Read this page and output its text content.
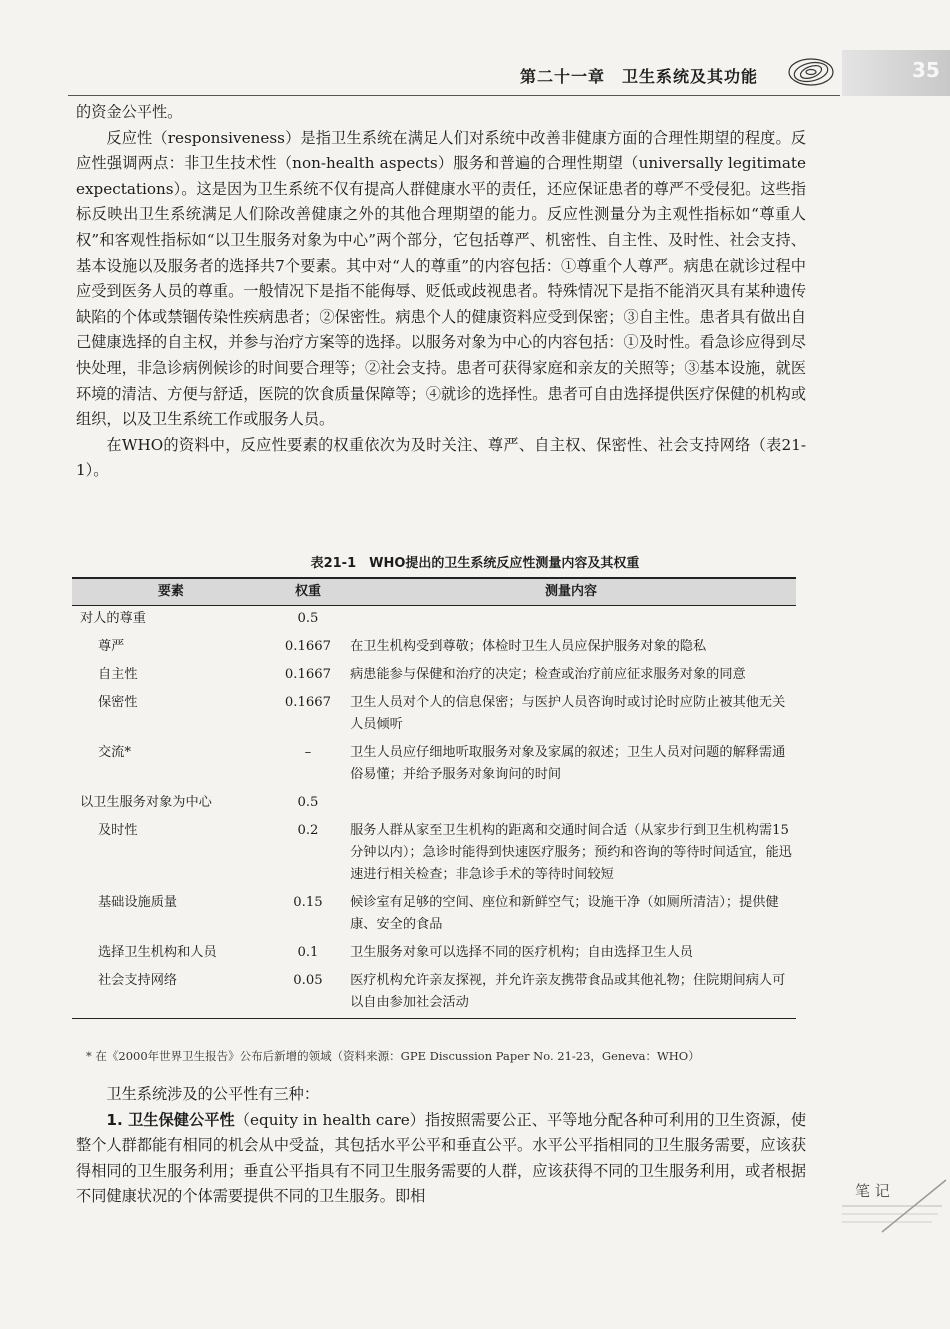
第二十一章　卫生系统及其功能	35

的资金公平性。

反应性（responsiveness）是指卫生系统在满足人们对系统中改善非健康方面的合理性期望的程度。反应性强调两点：非卫生技术性（non-health aspects）服务和普遍的合理性期望（universally legitimate expectations）。这是因为卫生系统不仅有提高人群健康水平的责任，还应保证患者的尊严不受侵犯。这些指标反映出卫生系统满足人们除改善健康之外的其他合理期望的能力。反应性测量分为主观性指标如“尊重人权”和客观性指标如“以卫生服务对象为中心”两个部分，它包括尊严、机密性、自主性、及时性、社会支持、基本设施以及服务者的选择共7个要素。其中对“人的尊重”的内容包括：①尊重个人尊严。病患在就诊过程中应受到医务人员的尊重。一般情况下是指不能侮辱、贬低或歧视患者。特殊情况下是指不能消灭具有某种遗传缺陷的个体或禁锢传染性疾病患者；②保密性。病患个人的健康资料应受到保密；③自主性。患者具有做出自己健康选择的自主权，并参与治疗方案等的选择。以服务对象为中心的内容包括：①及时性。看急诊应得到尽快处理，非急诊病例候诊的时间要合理等；②社会支持。患者可获得家庭和亲友的关照等；③基本设施，就医环境的清洁、方便与舒适，医院的饮食质量保障等；④就诊的选择性。患者可自由选择提供医疗保健的机构或组织，以及卫生系统工作或服务人员。

在WHO的资料中，反应性要素的权重依次为及时关注、尊严、自主权、保密性、社会支持网络（表21-1）。

表21-1　WHO提出的卫生系统反应性测量内容及其权重
要素	权重	测量内容
对人的尊重	0.5	
尊严	0.1667	在卫生机构受到尊敬；体检时卫生人员应保护服务对象的隐私
自主性	0.1667	病患能参与保健和治疗的决定；检查或治疗前应征求服务对象的同意
保密性	0.1667	卫生人员对个人的信息保密；与医护人员咨询时或讨论时应防止被其他无关人员倾听
交流*	–	卫生人员应仔细地听取服务对象及家属的叙述；卫生人员对问题的解释需通俗易懂；并给予服务对象询问的时间
以卫生服务对象为中心	0.5	
及时性	0.2	服务人群从家至卫生机构的距离和交通时间合适（从家步行到卫生机构需15分钟以内）；急诊时能得到快速医疗服务；预约和咨询的等待时间适宜，能迅速进行相关检查；非急诊手术的等待时间较短
基础设施质量	0.15	候诊室有足够的空间、座位和新鲜空气；设施干净（如厕所清洁）；提供健康、安全的食品
选择卫生机构和人员	0.1	卫生服务对象可以选择不同的医疗机构；自由选择卫生人员
社会支持网络	0.05	医疗机构允许亲友探视，并允许亲友携带食品或其他礼物；住院期间病人可以自由参加社会活动
* 在《2000年世界卫生报告》公布后新增的领域（资料来源：GPE Discussion Paper No. 21-23，Geneva：WHO）

卫生系统涉及的公平性有三种：

1. 卫生保健公平性（equity in health care）指按照需要公正、平等地分配各种可利用的卫生资源，使整个人群都能有相同的机会从中受益，其包括水平公平和垂直公平。水平公平指相同的卫生服务需要，应该获得相同的卫生服务利用；垂直公平指具有不同卫生服务需要的人群，应该获得不同的卫生服务利用，或者根据不同健康状况的个体需要提供不同的卫生服务。即相	笔 记
